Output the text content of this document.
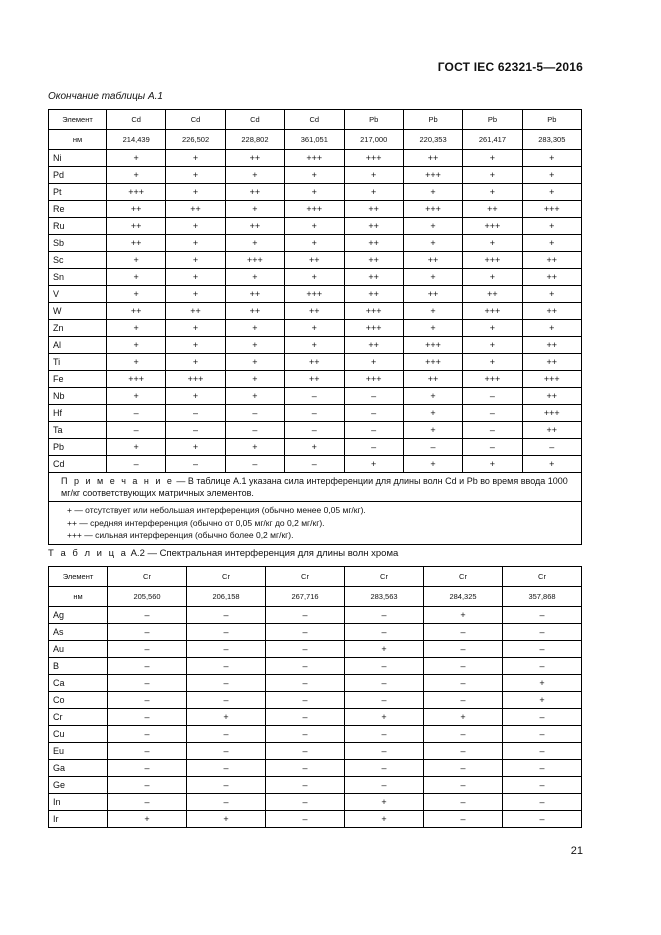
ГОСТ IEC 62321-5—2016
Окончание таблицы А.1
Элемент	Cd	Cd	Cd	Cd	Pb	Pb	Pb	Pb
нм	214,439	226,502	228,802	361,051	217,000	220,353	261,417	283,305
Ni	+	+	++	+++	+++	++	+	+
Pd	+	+	+	+	+	+++	+	+
Pt	+++	+	++	+	+	+	+	+
Re	++	++	+	+++	++	+++	++	+++
Ru	++	+	++	+	++	+	+++	+
Sb	++	+	+	+	++	+	+	+
Sc	+	+	+++	++	++	++	+++	++
Sn	+	+	+	+	++	+	+	++
V	+	+	++	+++	++	++	++	+
W	++	++	++	++	+++	+	+++	++
Zn	+	+	+	+	+++	+	+	+
Al	+	+	+	+	++	+++	+	++
Ti	+	+	+	++	+	+++	+	++
Fe	+++	+++	+	++	+++	++	+++	+++
Nb	+	+	+	–	–	+	–	++
Hf	–	–	–	–	–	+	–	+++
Ta	–	–	–	–	–	+	–	++
Pb	+	+	+	+	–	–	–	–
Cd	–	–	–	–	+	+	+	+
П р и м е ч а н и е — В таблице А.1 указана сила интерференции для длины волн Cd и Pb во время ввода 1000 мг/кг соответствующих матричных элементов.								

+ — отсутствует или небольшая интерференция (обычно менее 0,05 мг/кг).
++ — средняя интерференция (обычно от 0,05 мг/кг до 0,2 мг/кг).
+++ — сильная интерференция (обычно более 0,2 мг/кг).								
Т а б л и ц а А.2 — Спектральная интерференция для длины волн хрома
Элемент	Cr	Cr	Cr	Cr	Cr	Cr
нм	205,560	206,158	267,716	283,563	284,325	357,868
Ag	–	–	–	–	+	–
As	–	–	–	–	–	–
Au	–	–	–	+	–	–
B	–	–	–	–	–	–
Ca	–	–	–	–	–	+
Co	–	–	–	–	–	+
Cr	–	+	–	+	+	–
Cu	–	–	–	–	–	–
Eu	–	–	–	–	–	–
Ga	–	–	–	–	–	–
Ge	–	–	–	–	–	–
In	–	–	–	+	–	–
Ir	+	+	–	+	–	–
21
